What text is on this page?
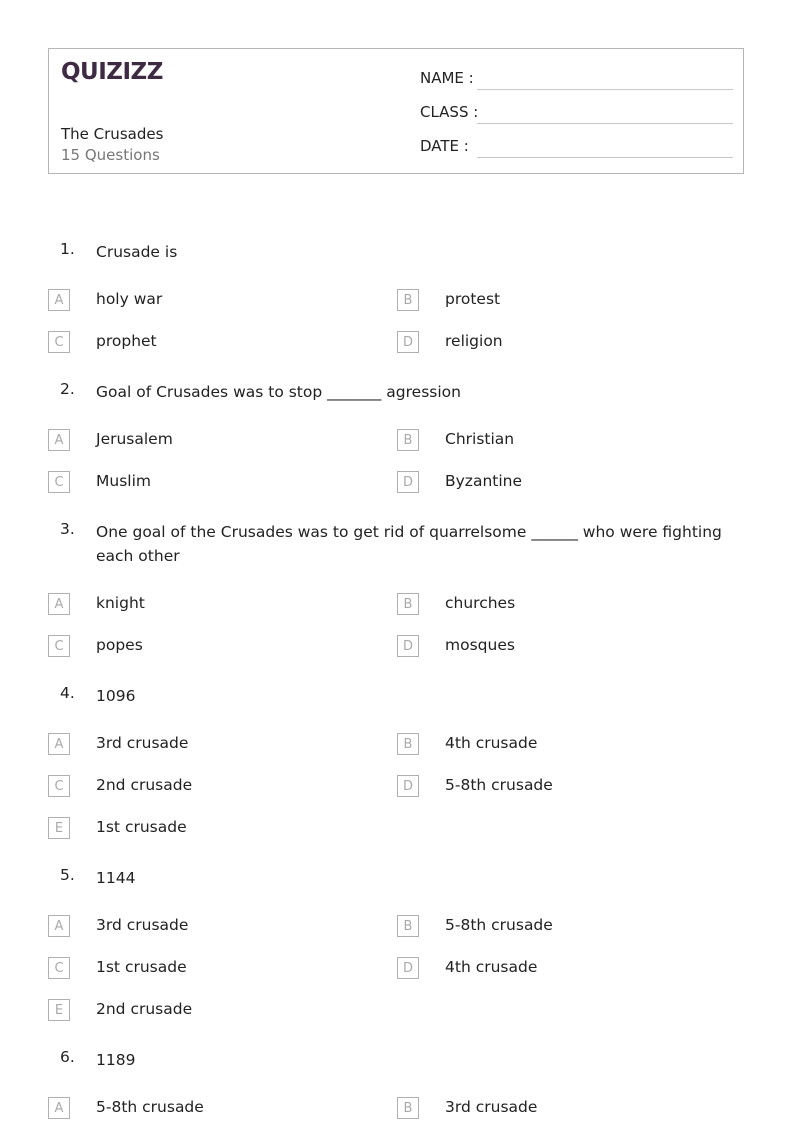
QUIZIZZ
The Crusades
15 Questions
NAME :
CLASS :
DATE :
1. Crusade is
A	holy war	B	protest
C	prophet	D	religion
2. Goal of Crusades was to stop _______ agression
A	Jerusalem	B	Christian
C	Muslim	D	Byzantine
3. One goal of the Crusades was to get rid of quarrelsome ______ who were fighting each other
A	knight	B	churches
C	popes	D	mosques
4. 1096
A	3rd crusade	B	4th crusade
C	2nd crusade	D	5-8th crusade
E	1st crusade
5. 1144
A	3rd crusade	B	5-8th crusade
C	1st crusade	D	4th crusade
E	2nd crusade
6. 1189
A	5-8th crusade	B	3rd crusade
